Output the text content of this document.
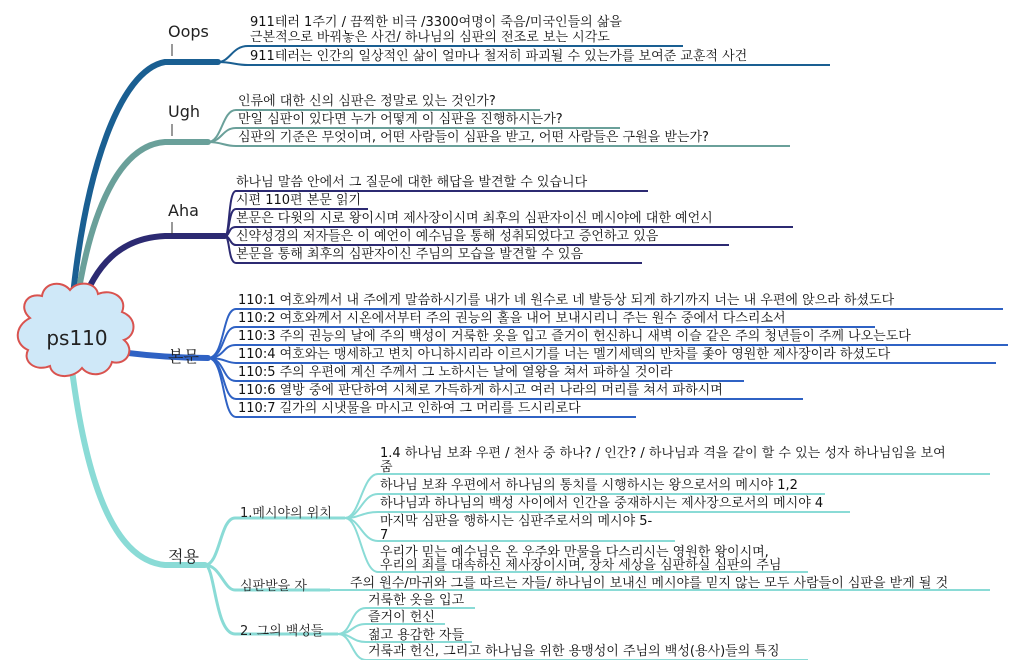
ps110
Oops
Ugh
Aha
본문
적용
911테러 1주기 / 끔찍한 비극 /3300여명이 죽음/미국인들의 삶을
근본적으로 바꿔놓은 사건/ 하나님의 심판의 전조로 보는 시각도
911테러는 인간의 일상적인 삶이 얼마나 철저히 파괴될 수 있는가를 보여준 교훈적 사건
인류에 대한 신의 심판은 정말로 있는 것인가?
만일 심판이 있다면 누가 어떻게 이 심판을 진행하시는가?
심판의 기준은 무엇이며, 어떤 사람들이 심판을 받고, 어떤 사람들은 구원을 받는가?
하나님 말씀 안에서 그 질문에 대한 해답을 발견할 수 있습니다
시편 110편 본문 읽기
본문은 다윗의 시로 왕이시며 제사장이시며 최후의 심판자이신 메시야에 대한 예언시
신약성경의 저자들은 이 예언이 예수님을 통해 성취되었다고 증언하고 있음
본문을 통해 최후의 심판자이신 주님의 모습을 발견할 수 있음
110:1 여호와께서 내 주에게 말씀하시기를 내가 네 원수로 네 발등상 되게 하기까지 너는 내 우편에 앉으라 하셨도다
110:2 여호와께서 시온에서부터 주의 권능의 홀을 내어 보내시리니 주는 원수 중에서 다스리소서
110:3 주의 권능의 날에 주의 백성이 거룩한 옷을 입고 즐거이 헌신하니 새벽 이슬 같은 주의 청년들이 주께 나오는도다
110:4 여호와는 맹세하고 변치 아니하시리라 이르시기를 너는 멜기세덱의 반차를 좇아 영원한 제사장이라 하셨도다
110:5 주의 우편에 계신 주께서 그 노하시는 날에 열왕을 쳐서 파하실 것이라
110:6 열방 중에 판단하여 시체로 가득하게 하시고 여러 나라의 머리를 쳐서 파하시며
110:7 길가의 시냇물을 마시고 인하여 그 머리를 드시리로다
1.메시야의 위치
심판받을 자
2. 그의 백성들
1.4 하나님 보좌 우편 / 천사 중 하나? / 인간? / 하나님과 격을 같이 할 수 있는 성자 하나님임을 보여
줌
하나님 보좌 우편에서 하나님의 통치를 시행하시는 왕으로서의 메시야 1,2
하나님과 하나님의 백성 사이에서 인간을 중재하시는 제사장으로서의 메시야 4
마지막 심판을 행하시는 심판주로서의 메시야 5-
7
우리가 믿는 예수님은 온 우주와 만물을 다스리시는 영원한 왕이시며,
우리의 죄를 대속하신 제사장이시며, 장차 세상을 심판하실 심판의 주님
주의 원수/마귀와 그를 따르는 자들/ 하나님이 보내신 메시야를 믿지 않는 모두 사람들이 심판을 받게 될 것
거룩한 옷을 입고
즐거이 헌신
젊고 용감한 자들
거룩과 헌신, 그리고 하나님을 위한 용맹성이 주님의 백성(용사)들의 특징
